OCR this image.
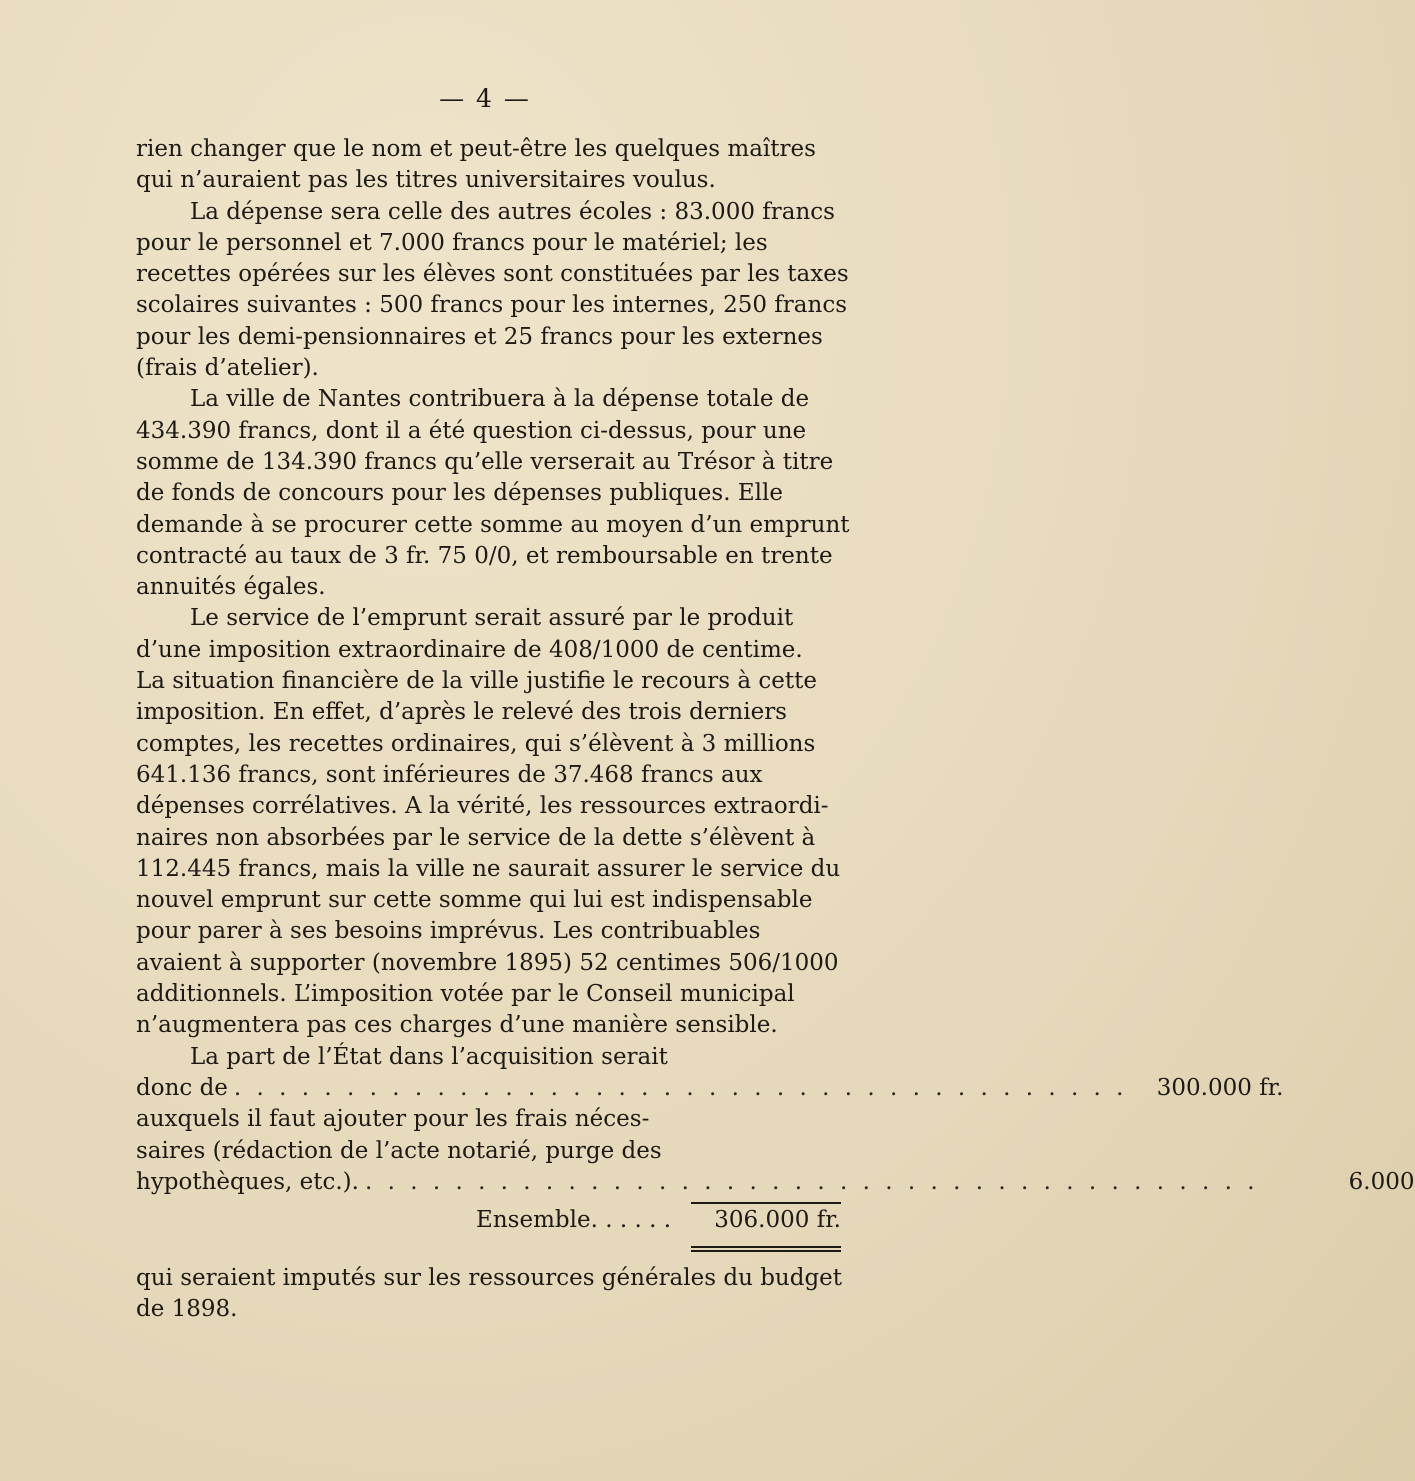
— 4 —

rien changer que le nom et peut-être les quelques maîtres
qui n’auraient pas les titres universitaires voulus.

La dépense sera celle des autres écoles : 83.000 francs
pour le personnel et 7.000 francs pour le matériel; les
recettes opérées sur les élèves sont constituées par les taxes
scolaires suivantes : 500 francs pour les internes, 250 francs
pour les demi-pensionnaires et 25 francs pour les externes
(frais d’atelier).

La ville de Nantes contribuera à la dépense totale de
434.390 francs, dont il a été question ci-dessus, pour une
somme de 134.390 francs qu’elle verserait au Trésor à titre
de fonds de concours pour les dépenses publiques. Elle
demande à se procurer cette somme au moyen d’un emprunt
contracté au taux de 3 fr. 75 0/0, et remboursable en trente
annuités égales.

Le service de l’emprunt serait assuré par le produit
d’une imposition extraordinaire de 408/1000 de centime.
La situation financière de la ville justifie le recours à cette
imposition. En effet, d’après le relevé des trois derniers
comptes, les recettes ordinaires, qui s’élèvent à 3 millions
641.136 francs, sont inférieures de 37.468 francs aux
dépenses corrélatives. A la vérité, les ressources extraordi-
naires non absorbées par le service de la dette s’élèvent à
112.445 francs, mais la ville ne saurait assurer le service du
nouvel emprunt sur cette somme qui lui est indispensable
pour parer à ses besoins imprévus. Les contribuables
avaient à supporter (novembre 1895) 52 centimes 506/1000
additionnels. L’imposition votée par le Conseil municipal
n’augmentera pas ces charges d’une manière sensible.

La part de l’État dans l’acquisition serait
donc de . . . . . . . . . . . . . . . . . . . . . . . . . . . . . . . . . . . . . . . .	300.000 fr.
auxquels il faut ajouter pour les frais néces-
saires (rédaction de l’acte notarié, purge des
hypothèques, etc.). . . . . . . . . . . . . . . . . . . . . . . . . . . . . . . . . . . . . . . . .	6.000
Ensemble. . . . . .	306.000 fr.
qui seraient imputés sur les ressources générales du budget
de 1898.
